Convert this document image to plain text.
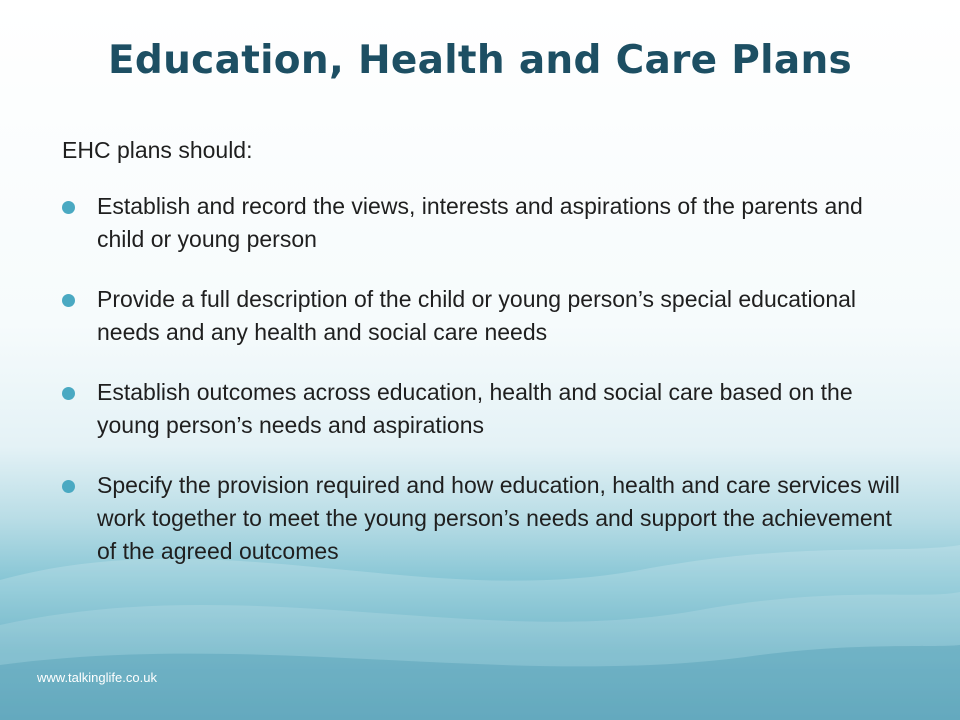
Education, Health and Care Plans

EHC plans should:

Establish and record the views, interests and aspirations of the parents and child or young person
Provide a full description of the child or young person’s special educational needs and any health and social care needs
Establish outcomes across education, health and social care based on the young person’s needs and aspirations
Specify the provision required and how education, health and care services will work together to meet the young person’s needs and support the achievement of the agreed outcomes
www.talkinglife.co.uk
